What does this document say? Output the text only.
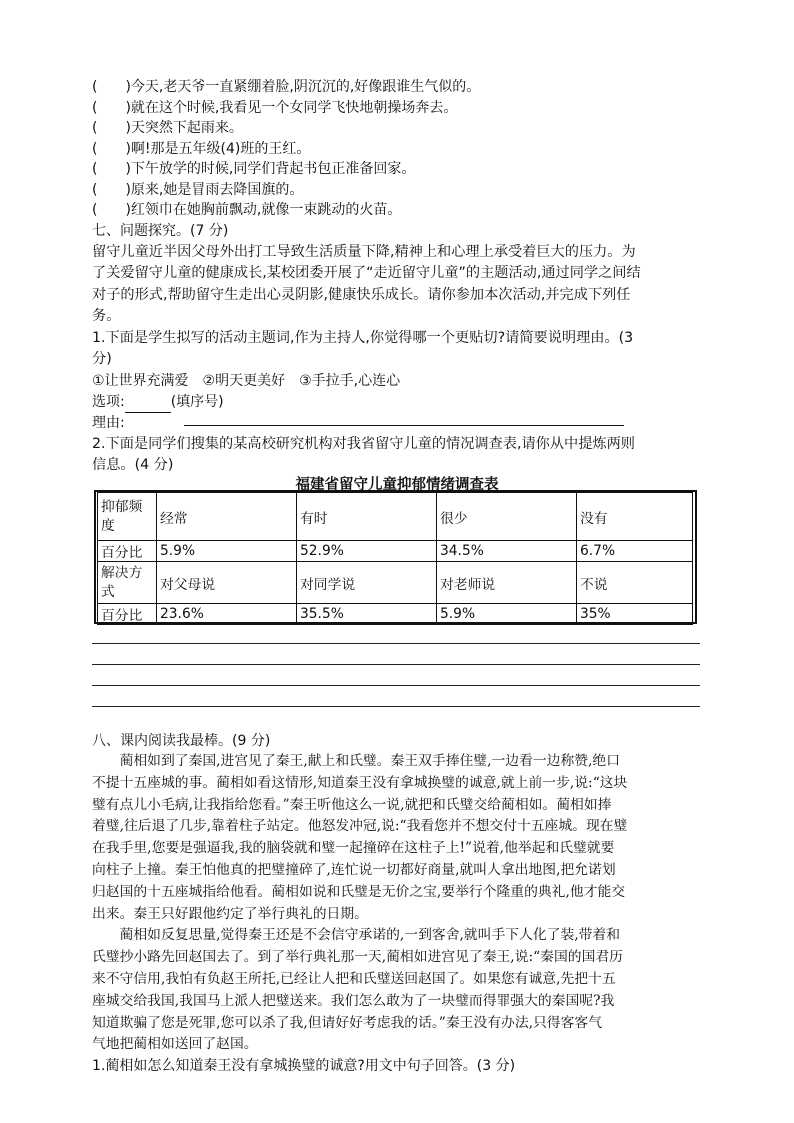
(　　)今天,老天爷一直紧绷着脸,阴沉沉的,好像跟谁生气似的。
(　　)就在这个时候,我看见一个女同学飞快地朝操场奔去。
(　　)天突然下起雨来。
(　　)啊!那是五年级(4)班的王红。
(　　)下午放学的时候,同学们背起书包正准备回家。
(　　)原来,她是冒雨去降国旗的。
(　　)红领巾在她胸前飘动,就像一束跳动的火苗。
七、问题探究。(7 分)
留守儿童近半因父母外出打工导致生活质量下降,精神上和心理上承受着巨大的压力。为
了关爱留守儿童的健康成长,某校团委开展了“走近留守儿童”的主题活动,通过同学之间结
对子的形式,帮助留守生走出心灵阴影,健康快乐成长。请你参加本次活动,并完成下列任
务。
1.下面是学生拟写的活动主题词,作为主持人,你觉得哪一个更贴切?请简要说明理由。(3
分)
①让世界充满爱　②明天更美好　③手拉手,心连心
选项:	(填序号)
理由:
2.下面是同学们搜集的某高校研究机构对我省留守儿童的情况调查表,请你从中提炼两则
信息。(4 分)
福建省留守儿童抑郁情绪调查表
抑郁频
度	经常	有时	很少	没有
百分比	5.9%	52.9%	34.5%	6.7%
解决方
式	对父母说	对同学说	对老师说	不说
百分比	23.6%	35.5%	5.9%	35%
八、课内阅读我最棒。(9 分)
　　蔺相如到了秦国,进宫见了秦王,献上和氏璧。秦王双手捧住璧,一边看一边称赞,绝口
不提十五座城的事。蔺相如看这情形,知道秦王没有拿城换璧的诚意,就上前一步,说:“这块
璧有点儿小毛病,让我指给您看。”秦王听他这么一说,就把和氏璧交给蔺相如。蔺相如捧
着璧,往后退了几步,靠着柱子站定。他怒发冲冠,说:“我看您并不想交付十五座城。现在璧
在我手里,您要是强逼我,我的脑袋就和璧一起撞碎在这柱子上!”说着,他举起和氏璧就要
向柱子上撞。秦王怕他真的把璧撞碎了,连忙说一切都好商量,就叫人拿出地图,把允诺划
归赵国的十五座城指给他看。蔺相如说和氏璧是无价之宝,要举行个隆重的典礼,他才能交
出来。秦王只好跟他约定了举行典礼的日期。
　　蔺相如反复思量,觉得秦王还是不会信守承诺的,一到客舍,就叫手下人化了装,带着和
氏璧抄小路先回赵国去了。到了举行典礼那一天,蔺相如进宫见了秦王,说:“秦国的国君历
来不守信用,我怕有负赵王所托,已经让人把和氏璧送回赵国了。如果您有诚意,先把十五
座城交给我国,我国马上派人把璧送来。我们怎么敢为了一块璧而得罪强大的秦国呢?我
知道欺骗了您是死罪,您可以杀了我,但请好好考虑我的话。”秦王没有办法,只得客客气
气地把蔺相如送回了赵国。
1.蔺相如怎么知道秦王没有拿城换璧的诚意?用文中句子回答。(3 分)
